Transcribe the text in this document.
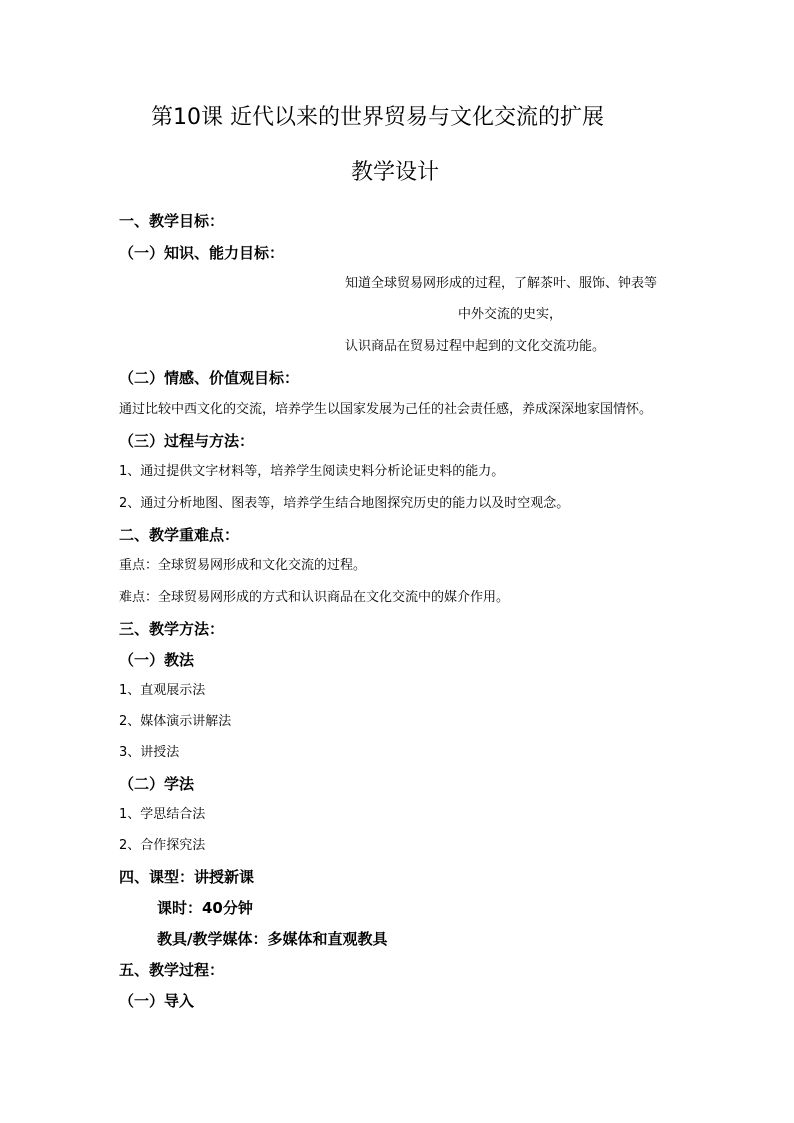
第10课 近代以来的世界贸易与文化交流的扩展
教学设计
一、教学目标：
（一）知识、能力目标：
知道全球贸易网形成的过程，了解茶叶、服饰、钟表等
中外交流的史实，
认识商品在贸易过程中起到的文化交流功能。
（二）情感、价值观目标：
通过比较中西文化的交流，培养学生以国家发展为己任的社会责任感，养成深深地家国情怀。
（三）过程与方法：
1、通过提供文字材料等，培养学生阅读史料分析论证史料的能力。
2、通过分析地图、图表等，培养学生结合地图探究历史的能力以及时空观念。
二、教学重难点：
重点：全球贸易网形成和文化交流的过程。
难点：全球贸易网形成的方式和认识商品在文化交流中的媒介作用。
三、教学方法：
（一）教法
1、直观展示法
2、媒体演示讲解法
3、讲授法
（二）学法
1、学思结合法
2、合作探究法
四、课型：讲授新课
课时：40分钟
教具/教学媒体：多媒体和直观教具
五、教学过程：
（一）导入
